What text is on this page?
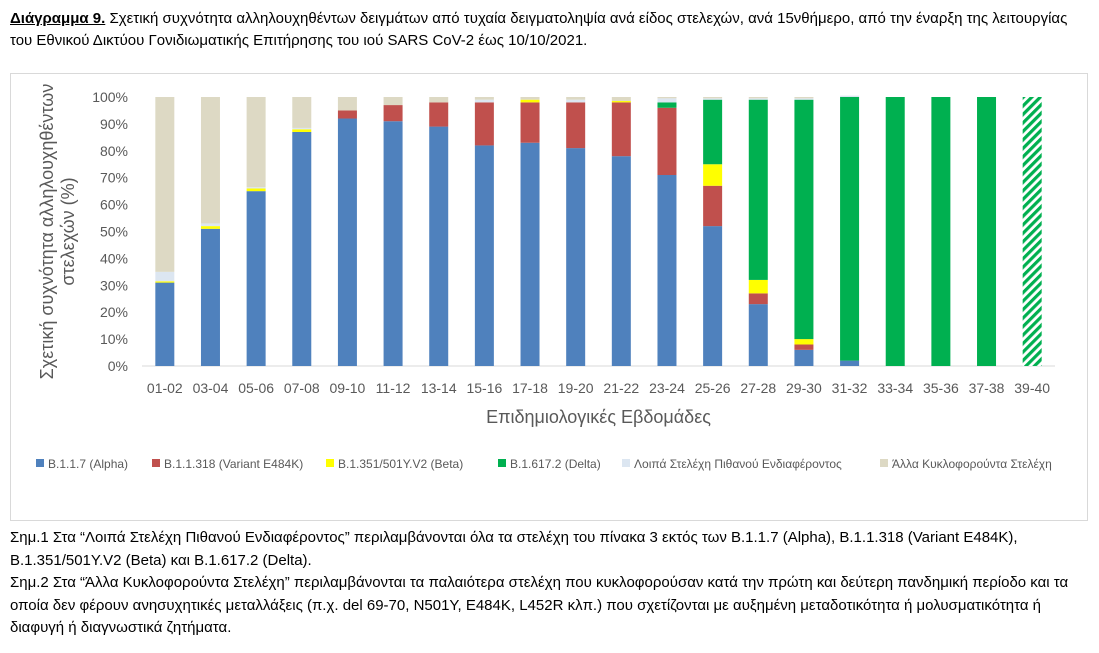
Διάγραμμα 9. Σχετική συχνότητα αλληλουχηθέντων δειγμάτων από τυχαία δειγματοληψία ανά είδος στελεχών, ανά 15νθήμερο, από την έναρξη της λειτουργίας του Εθνικού Δικτύου Γονιδιωματικής Επιτήρησης του ιού SARS CoV-2 έως 10/10/2021.
0%
10%
20%
30%
40%
50%
60%
70%
80%
90%
100%
01-02 03-04 05-06 07-08 09-10 11-12 13-14 15-16 17-18 19-20 21-22 23-24 25-26 27-28 29-30 31-32 33-34 35-36 37-38 39-40
Επιδημιολογικές Εβδομάδες
Σχετική συχνότητα αλληλουχηθέντωνστελεχών (%)
B.1.1.7 (Alpha)	B.1.1.318 (Variant E484K)	B.1.351/501Y.V2 (Beta)	B.1.617.2 (Delta)	Λοιπά Στελέχη Πιθανού Ενδιαφέροντος	Άλλα Κυκλοφορούντα Στελέχη

Σημ.1 Στα “Λοιπά Στελέχη Πιθανού Ενδιαφέροντος” περιλαμβάνονται όλα τα στελέχη του πίνακα 3 εκτός των B.1.1.7 (Alpha), B.1.1.318 (Variant E484K), B.1.351/501Y.V2 (Beta) και B.1.617.2 (Delta).

Σημ.2 Στα “Άλλα Κυκλοφορούντα Στελέχη” περιλαμβάνονται τα παλαιότερα στελέχη που κυκλοφορούσαν κατά την πρώτη και δεύτερη πανδημική περίοδο και τα οποία δεν φέρουν ανησυχητικές μεταλλάξεις (π.χ. del 69-70, N501Y, E484K, L452R κλπ.) που σχετίζονται με αυξημένη μεταδοτικότητα ή μολυσματικότητα ή διαφυγή ή διαγνωστικά ζητήματα.
